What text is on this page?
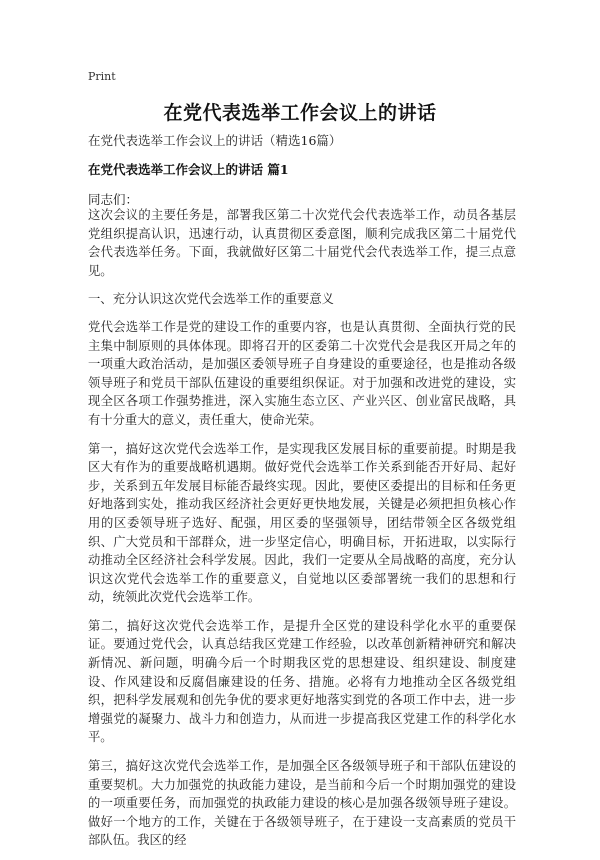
Print
在党代表选举工作会议上的讲话
在党代表选举工作会议上的讲话（精选16篇）
在党代表选举工作会议上的讲话 篇1
同志们：

这次会议的主要任务是，部署我区第二十次党代会代表选举工作，动员各基层党组织提高认识，迅速行动，认真贯彻区委意图，顺利完成我区第二十届党代会代表选举任务。下面，我就做好区第二十届党代会代表选举工作，提三点意见。

一、充分认识这次党代会选举工作的重要意义

党代会选举工作是党的建设工作的重要内容，也是认真贯彻、全面执行党的民主集中制原则的具体体现。即将召开的区委第二十次党代会是我区开局之年的一项重大政治活动，是加强区委领导班子自身建设的重要途径，也是推动各级领导班子和党员干部队伍建设的重要组织保证。对于加强和改进党的建设，实现全区各项工作强势推进，深入实施生态立区、产业兴区、创业富民战略，具有十分重大的意义，责任重大，使命光荣。

第一，搞好这次党代会选举工作，是实现我区发展目标的重要前提。时期是我区大有作为的重要战略机遇期。做好党代会选举工作关系到能否开好局、起好步，关系到五年发展目标能否最终实现。因此，要使区委提出的目标和任务更好地落到实处，推动我区经济社会更好更快地发展，关键是必须把担负核心作用的区委领导班子选好、配强，用区委的坚强领导，团结带领全区各级党组织、广大党员和干部群众，进一步坚定信心，明确目标，开拓进取，以实际行动推动全区经济社会科学发展。因此，我们一定要从全局战略的高度，充分认识这次党代会选举工作的重要意义，自觉地以区委部署统一我们的思想和行动，统领此次党代会选举工作。

第二，搞好这次党代会选举工作，是提升全区党的建设科学化水平的重要保证。要通过党代会，认真总结我区党建工作经验，以改革创新精神研究和解决新情况、新问题，明确今后一个时期我区党的思想建设、组织建设、制度建设、作风建设和反腐倡廉建设的任务、措施。必将有力地推动全区各级党组织，把科学发展观和创先争优的要求更好地落实到党的各项工作中去，进一步增强党的凝聚力、战斗力和创造力，从而进一步提高我区党建工作的科学化水平。

第三，搞好这次党代会选举工作，是加强全区各级领导班子和干部队伍建设的重要契机。大力加强党的执政能力建设，是当前和今后一个时期加强党的建设的一项重要任务，而加强党的执政能力建设的核心是加强各级领导班子建设。做好一个地方的工作，关键在于各级领导班子，在于建设一支高素质的党员干部队伍。我区的经
